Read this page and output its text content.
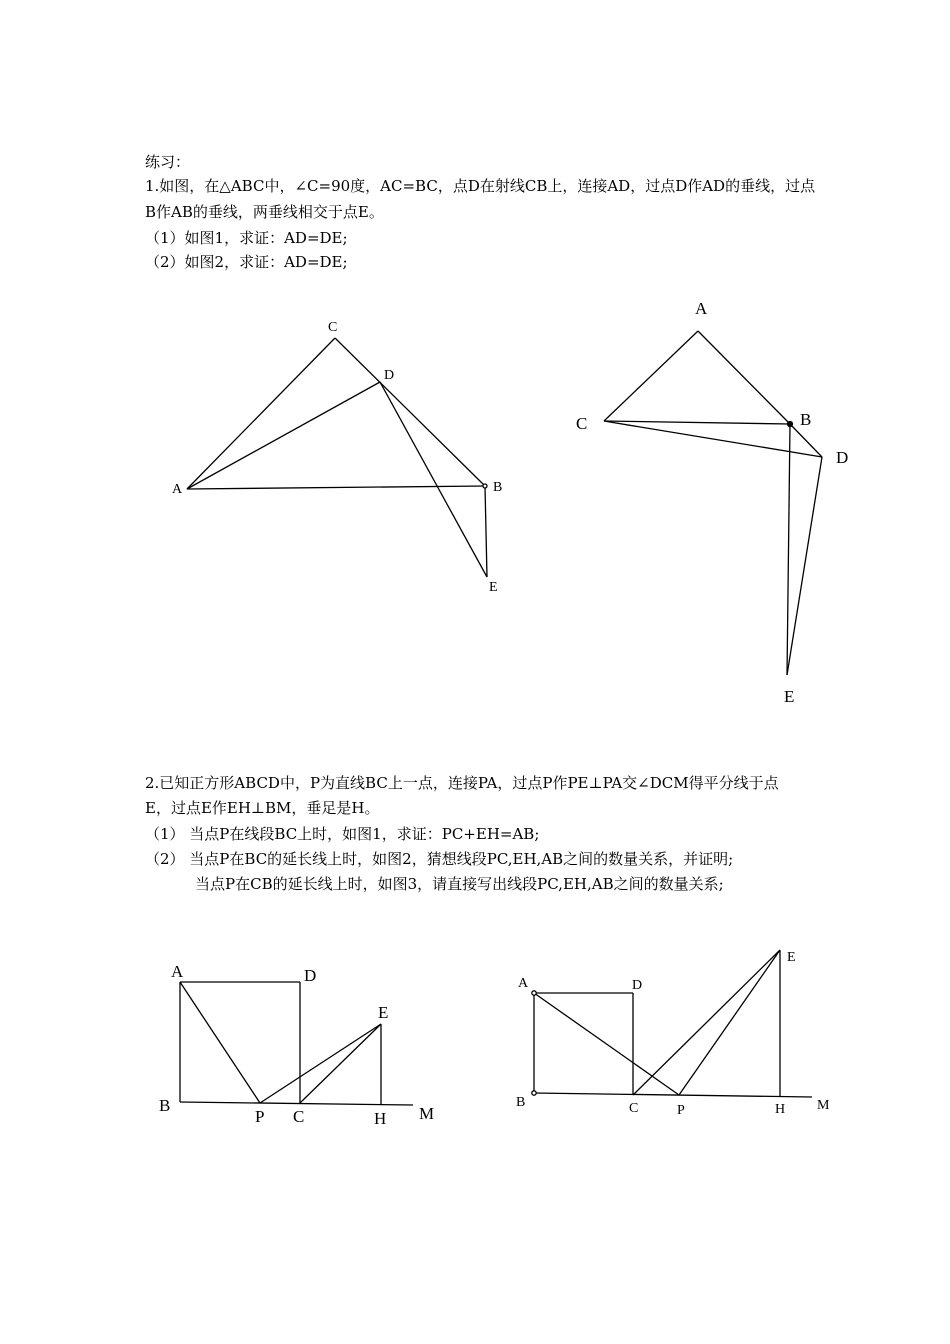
练习：
1.如图，在△ABC中，∠C=90度，AC=BC，点D在射线CB上，连接AD，过点D作AD的垂线，过点
B作AB的垂线，两垂线相交于点E。
（1）如图1，求证：AD=DE;
（2）如图2，求证：AD=DE;
2.已知正方形ABCD中，P为直线BC上一点，连接PA，过点P作PE⊥PA交∠DCM得平分线于点
E，过点E作EH⊥BM，垂足是H。
（1） 当点P在线段BC上时，如图1，求证：PC+EH=AB;
（2） 当点P在BC的延长线上时，如图2，猜想线段PC,EH,AB之间的数量关系，并证明;
当点P在CB的延长线上时，如图3，请直接写出线段PC,EH,AB之间的数量关系;
C
D
A	B
E
A
B
C
D
E
A	D
E
B
P C	H M
A	D
E
B	C	P	H M
